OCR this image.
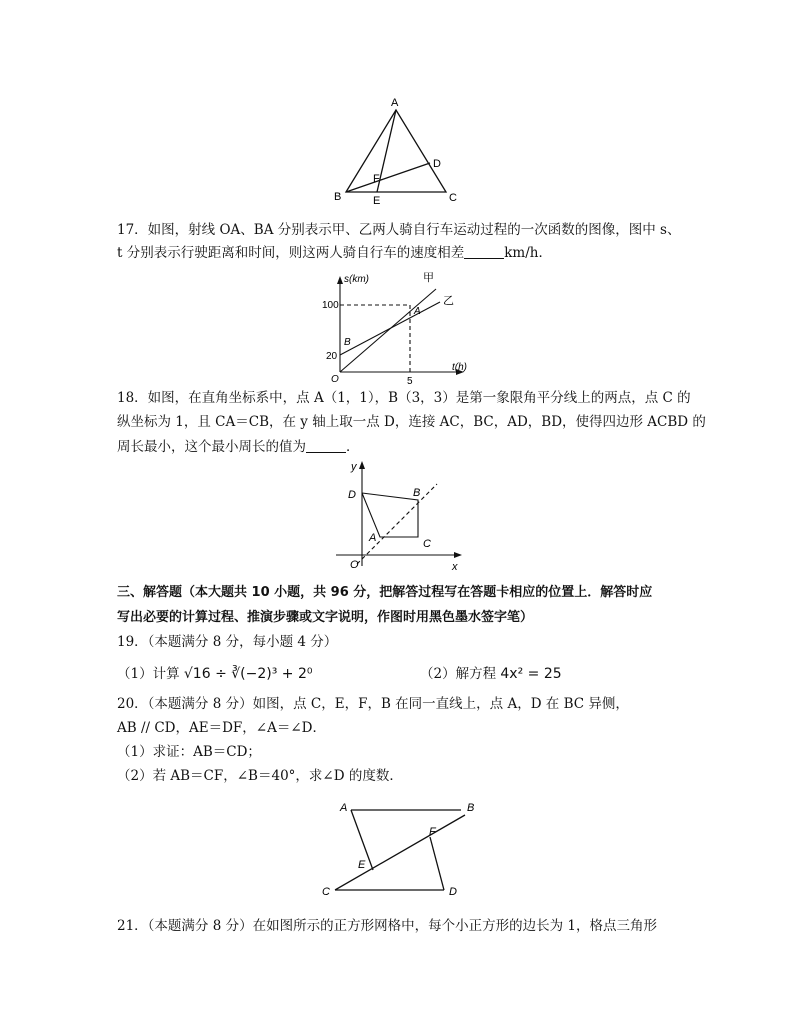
A
B	C
D
E
F
17．如图，射线 OA、BA 分别表示甲、乙两人骑自行车运动过程的一次函数的图像，图中 s、
t 分别表示行驶距离和时间，则这两人骑自行车的速度相差	km/h．
s(km)
t(h)
100
20
5
O
A
B
甲
乙
18．如图，在直角坐标系中，点 A（1，1），B（3，3）是第一象限角平分线上的两点，点 C 的
纵坐标为 1，且 CA＝CB，在 y 轴上取一点 D，连接 AC，BC，AD，BD，使得四边形 ACBD 的
周长最小，这个最小周长的值为	．
x
y
O
A
B
C
D
三、解答题（本大题共 10 小题，共 96 分，把解答过程写在答题卡相应的位置上．解答时应
写出必要的计算过程、推演步骤或文字说明，作图时用黑色墨水签字笔）
19．（本题满分 8 分，每小题 4 分）
（1）计算 √16 ÷ ∛(−2)³ + 2⁰	（2）解方程 4x² = 25
20．（本题满分 8 分）如图，点 C，E，F，B 在同一直线上，点 A，D 在 BC 异侧，
AB // CD，AE＝DF，∠A＝∠D．
（1）求证：AB＝CD；
（2）若 AB＝CF，∠B＝40°，求∠D 的度数．
A	B
C	D
E
F
21．（本题满分 8 分）在如图所示的正方形网格中，每个小正方形的边长为 1，格点三角形
